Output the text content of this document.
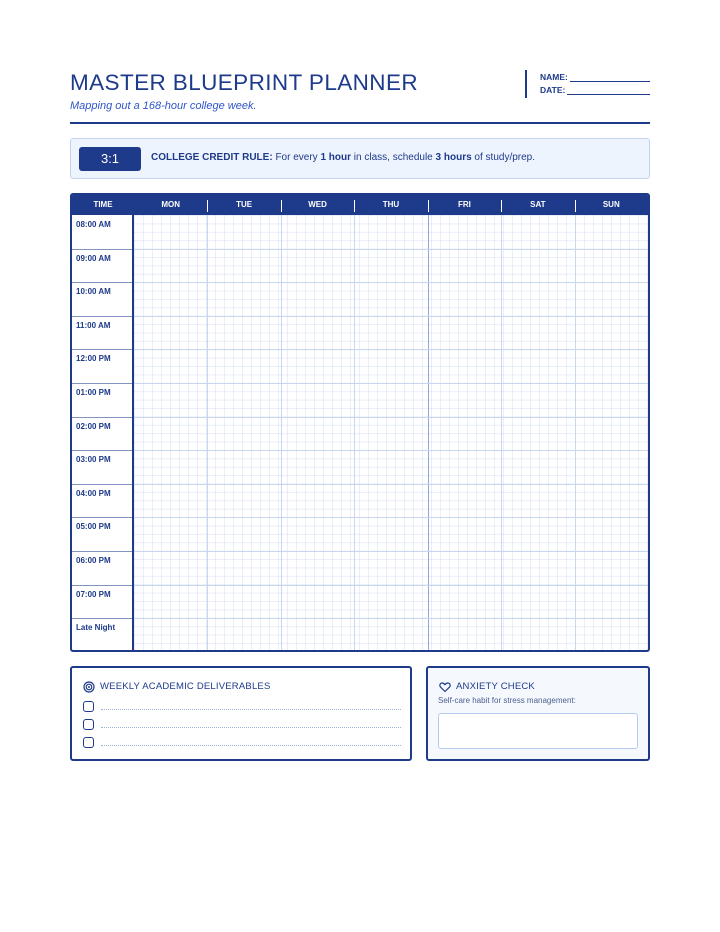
MASTER BLUEPRINT PLANNER
Mapping out a 168-hour college week.
NAME:
DATE:
3:1	COLLEGE CREDIT RULE: For every 1 hour in class, schedule 3 hours of study/prep.
TIME	MON	TUE	WED	THU	FRI	SAT	SUN
08:00 AM
09:00 AM
10:00 AM
11:00 AM
12:00 PM
01:00 PM
02:00 PM
03:00 PM
04:00 PM
05:00 PM
06:00 PM
07:00 PM
Late Night
WEEKLY ACADEMIC DELIVERABLES	ANXIETY CHECK
Self-care habit for stress management:
